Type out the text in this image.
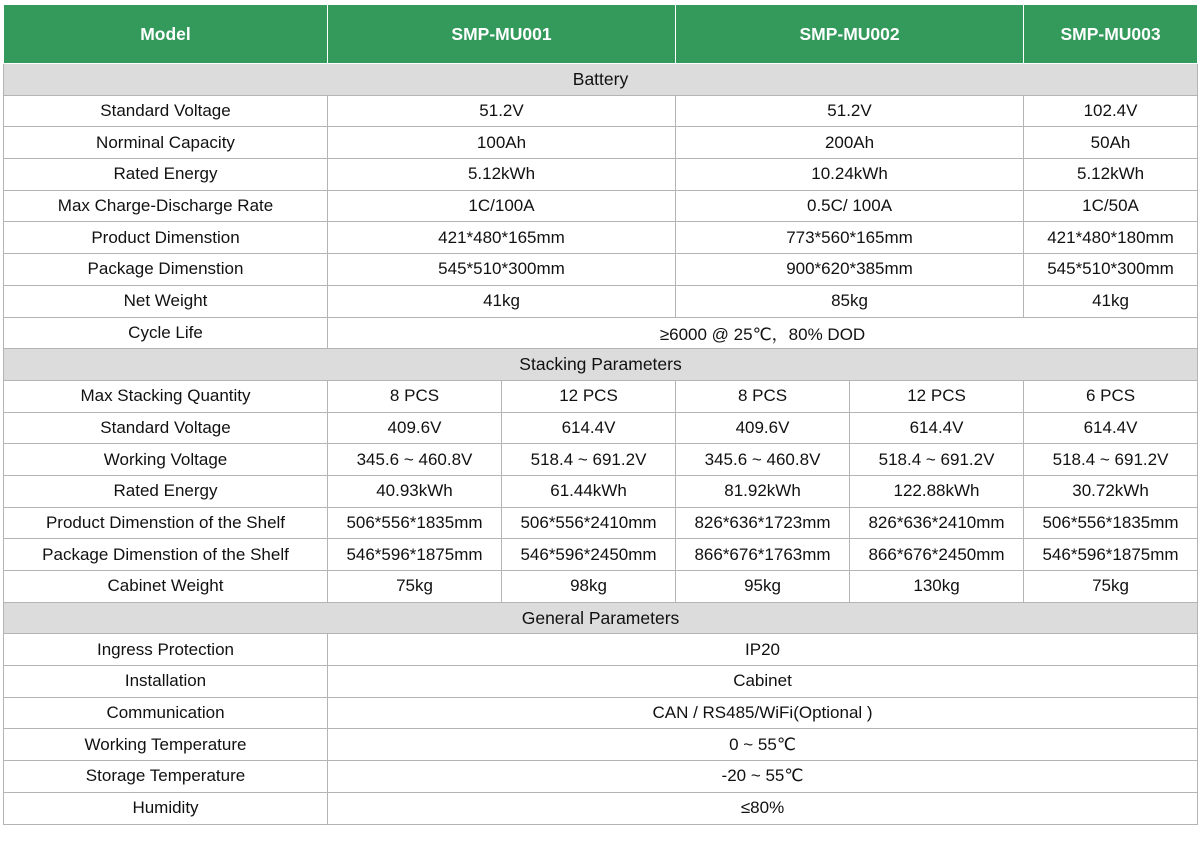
Model	SMP-MU001		SMP-MU002		SMP-MU003
Battery					
Standard Voltage	51.2V		51.2V		102.4V
Norminal Capacity	100Ah		200Ah		50Ah
Rated Energy	5.12kWh		10.24kWh		5.12kWh
Max Charge-Discharge Rate	1C/100A		0.5C/ 100A		1C/50A
Product Dimenstion	421*480*165mm		773*560*165mm		421*480*180mm
Package Dimenstion	545*510*300mm		900*620*385mm		545*510*300mm
Net Weight	41kg		85kg		41kg
Cycle Life	≥6000 @ 25℃，80% DOD				
Stacking Parameters					
Max Stacking Quantity	8 PCS	12 PCS	8 PCS	12 PCS	6 PCS
Standard Voltage	409.6V	614.4V	409.6V	614.4V	614.4V
Working Voltage	345.6 ~ 460.8V	518.4 ~ 691.2V	345.6 ~ 460.8V	518.4 ~ 691.2V	518.4 ~ 691.2V
Rated Energy	40.93kWh	61.44kWh	81.92kWh	122.88kWh	30.72kWh
Product Dimenstion of the Shelf	506*556*1835mm	506*556*2410mm	826*636*1723mm	826*636*2410mm	506*556*1835mm
Package Dimenstion of the Shelf	546*596*1875mm	546*596*2450mm	866*676*1763mm	866*676*2450mm	546*596*1875mm
Cabinet Weight	75kg	98kg	95kg	130kg	75kg
General Parameters					
Ingress Protection	IP20				
Installation	Cabinet				
Communication	CAN / RS485/WiFi(Optional )				
Working Temperature	0 ~ 55℃				
Storage Temperature	-20 ~ 55℃				
Humidity	≤80%				
